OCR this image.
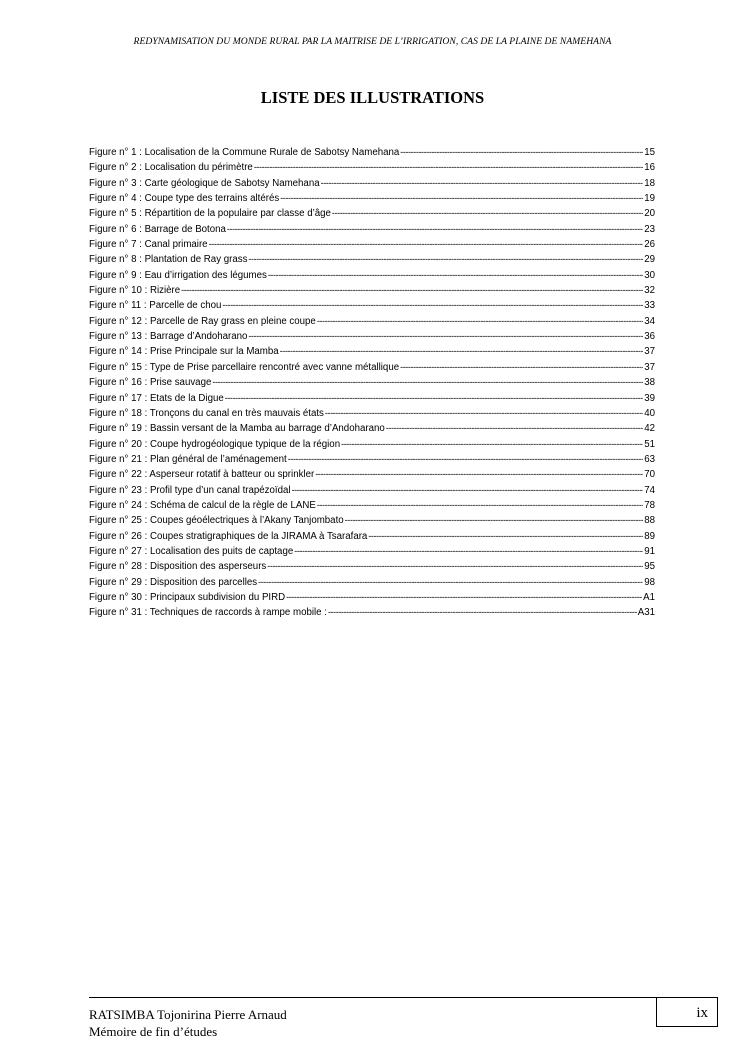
REDYNAMISATION DU MONDE RURAL PAR LA MAITRISE DE L’IRRIGATION, CAS DE LA PLAINE DE NAMEHANA
LISTE DES ILLUSTRATIONS
Figure n° 1 : Localisation de la Commune Rurale de Sabotsy Namehana -----	15
Figure n° 2 : Localisation du périmètre -----	16
Figure n° 3 : Carte géologique de Sabotsy Namehana -----	18
Figure n° 4 : Coupe type des terrains altérés -----	19
Figure n° 5 : Répartition de la populaire par classe d’âge -----	20
Figure n° 6 : Barrage de Botona -----	23
Figure n° 7 : Canal primaire -----	26
Figure n° 8 : Plantation de Ray grass -----	29
Figure n° 9 : Eau d’irrigation des légumes -----	30
Figure n° 10 : Rizière -----	32
Figure n° 11 : Parcelle de chou -----	33
Figure n° 12 : Parcelle de Ray grass en pleine coupe -----	34
Figure n° 13 : Barrage d’Andoharano -----	36
Figure n° 14 : Prise Principale sur la Mamba -----	37
Figure n° 15 : Type de Prise parcellaire rencontré avec vanne métallique -----	37
Figure n° 16 : Prise sauvage -----	38
Figure n° 17 : Etats de la Digue -----	39
Figure n° 18 : Tronçons du canal en très mauvais états -----	40
Figure n° 19 : Bassin versant de la Mamba au barrage d’Andoharano -----	42
Figure n° 20 : Coupe hydrogéologique typique de la région -----	51
Figure n° 21 : Plan général de l’aménagement -----	63
Figure n° 22 : Asperseur rotatif à batteur ou sprinkler -----	70
Figure n° 23 : Profil type d’un canal trapézoïdal -----	74
Figure n° 24 : Schéma de calcul de la règle de LANE -----	78
Figure n° 25 : Coupes géoélectriques à l’Akany Tanjombato -----	88
Figure n° 26 : Coupes stratigraphiques de la JIRAMA à Tsarafara -----	89
Figure n° 27 : Localisation des puits de captage -----	91
Figure n° 28 : Disposition des asperseurs -----	95
Figure n° 29 : Disposition des parcelles -----	98
Figure n° 30 : Principaux subdivision du PIRD -----	A1
Figure n° 31 : Techniques de raccords à rampe mobile : -----	A31
RATSIMBA Tojonirina Pierre Arnaud
Mémoire de fin d’études
ix
